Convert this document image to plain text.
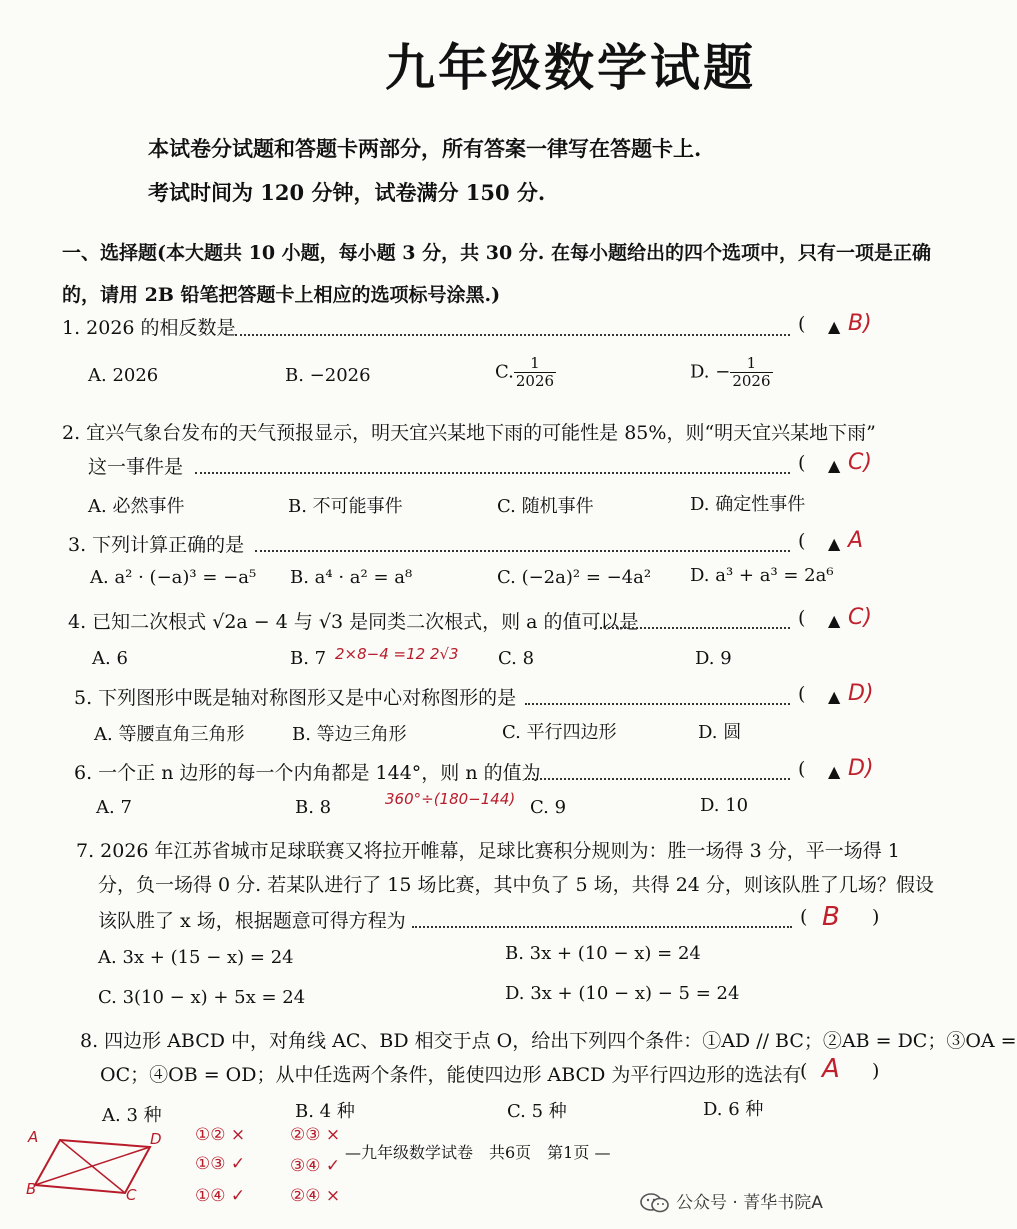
九年级数学试题
本试卷分试题和答题卡两部分，所有答案一律写在答题卡上.
考试时间为 120 分钟，试卷满分 150 分.
一、选择题(本大题共 10 小题，每小题 3 分，共 30 分. 在每小题给出的四个选项中，只有一项是正确
的，请用 2B 铅笔把答题卡上相应的选项标号涂黑.)
1. 2026 的相反数是	( ▲ B)
A. 2026	B. −2026	C. $\frac{1}{2026}$	D. − $\frac{1}{2026}$
2. 宜兴气象台发布的天气预报显示，明天宜兴某地下雨的可能性是 85%，则“明天宜兴某地下雨”
这一事件是	( ▲ C)
A. 必然事件	B. 不可能事件	C. 随机事件	D. 确定性事件
3. 下列计算正确的是	( ▲ A
A. a² · (−a)³ = −a⁵ B. a⁴ · a² = a⁸	C. (−2a)² = −4a² D. a³ + a³ = 2a⁶
4. 已知二次根式 √2a − 4 与 √3 是同类二次根式，则 a 的值可以是	( ▲ C)
A. 6	B. 7 2×8−4 =12 2√3 C. 8	D. 9
5. 下列图形中既是轴对称图形又是中心对称图形的是	( ▲ D)
A. 等腰直角三角形	B. 等边三角形	C. 平行四边形	D. 圆
6. 一个正 n 边形的每一个内角都是 144°，则 n 的值为	( ▲ D)
A. 7	B. 8	360°÷(180−144) C. 9	D. 10
7. 2026 年江苏省城市足球联赛又将拉开帷幕，足球比赛积分规则为：胜一场得 3 分，平一场得 1
分，负一场得 0 分. 若某队进行了 15 场比赛，其中负了 5 场，共得 24 分，则该队胜了几场？假设
该队胜了 x 场，根据题意可得方程为	( B )
A. 3x + (15 − x) = 24	B. 3x + (10 − x) = 24
C. 3(10 − x) + 5x = 24	D. 3x + (10 − x) − 5 = 24
8. 四边形 ABCD 中，对角线 AC、BD 相交于点 O，给出下列四个条件：①AD // BC；②AB = DC；③OA =
OC；④OB = OD；从中任选两个条件，能使四边形 ABCD 为平行四边形的选法有
( A )
A. 3 种	B. 4 种	C. 5 种	D. 6 种
A	D
B	C
①② ×
①③ ✓
①④ ✓
②③ ×
③④ ✓
②④ ×
—九年级数学试卷　共6页　第1页 —
公众号 · 菁华书院A
